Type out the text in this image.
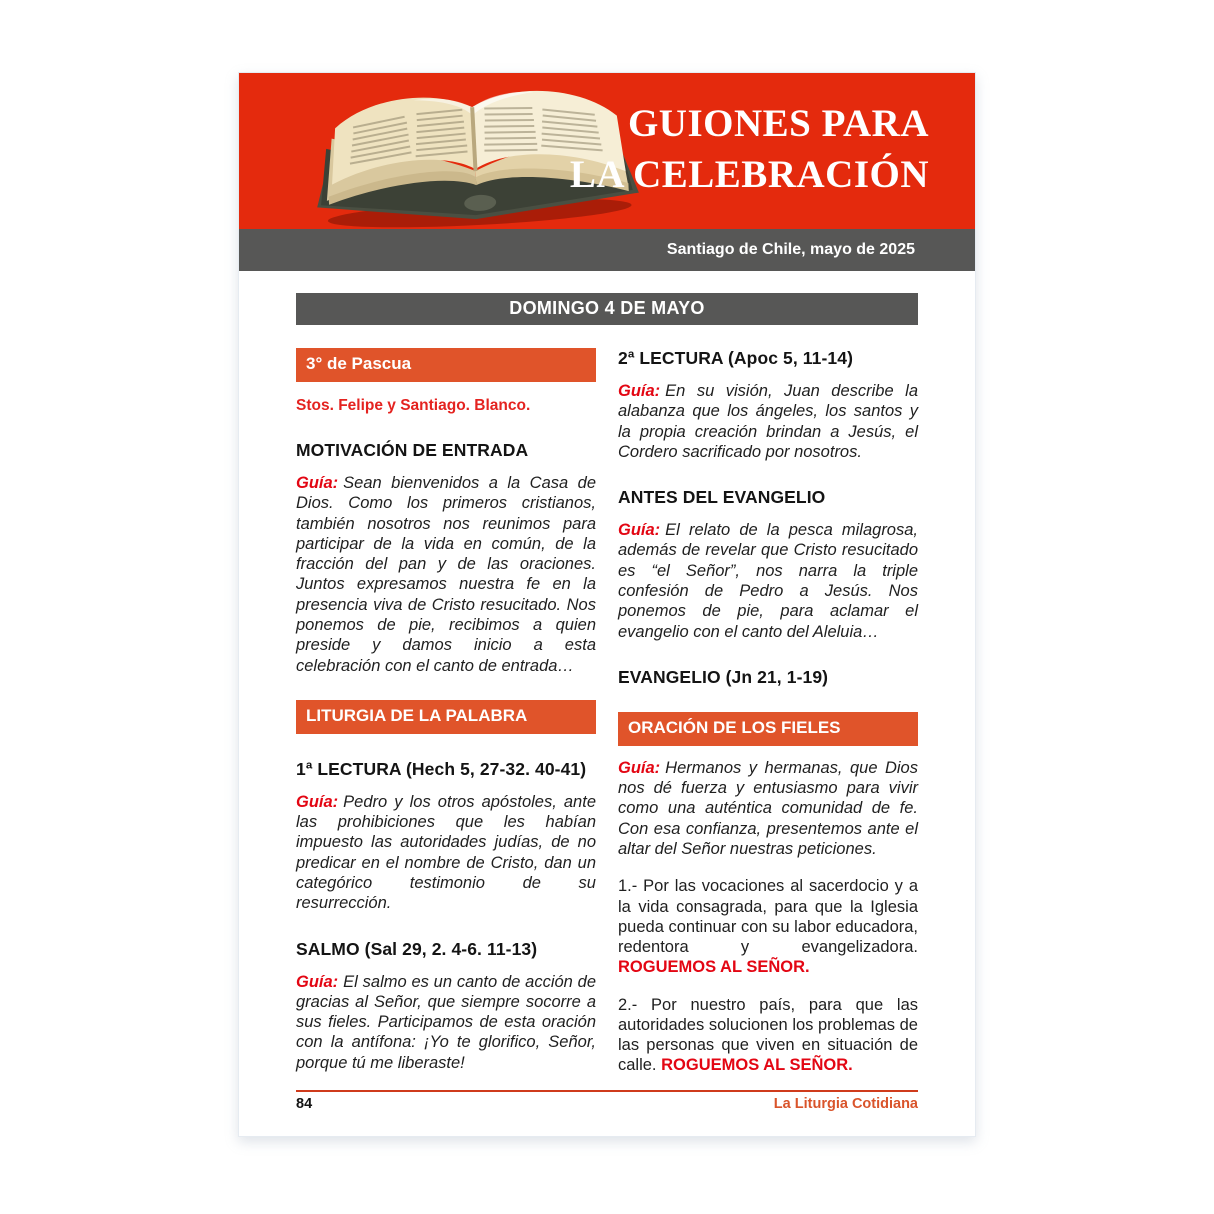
GUIONES PARA
LA CELEBRACIÓN
Santiago de Chile, mayo de 2025
DOMINGO 4 DE MAYO
3° de Pascua
Stos. Felipe y Santiago. Blanco.
MOTIVACIÓN DE ENTRADA

Guía: Sean bienvenidos a la Casa de Dios. Como los primeros cristianos, también nosotros nos reunimos para participar de la vida en común, de la fracción del pan y de las oraciones. Juntos expresamos nuestra fe en la presencia viva de Cristo resucitado. Nos ponemos de pie, recibimos a quien preside y damos inicio a esta celebración con el canto de entrada…

LITURGIA DE LA PALABRA
1ª LECTURA (Hech 5, 27-32. 40-41)

Guía: Pedro y los otros apóstoles, ante las prohibiciones que les habían impuesto las autoridades judías, de no predicar en el nombre de Cristo, dan un categórico testimonio de su resurrección.

SALMO (Sal 29, 2. 4-6. 11-13)

Guía: El salmo es un canto de acción de gracias al Señor, que siempre socorre a sus fieles. Participamos de esta oración con la antífona: ¡Yo te glorifico, Señor, porque tú me liberaste!

2ª LECTURA (Apoc 5, 11-14)

Guía: En su visión, Juan describe la alabanza que los ángeles, los santos y la propia creación brindan a Jesús, el Cordero sacrificado por nosotros.

ANTES DEL EVANGELIO

Guía: El relato de la pesca milagrosa, además de revelar que Cristo resucitado es “el Señor”, nos narra la triple confesión de Pedro a Jesús. Nos ponemos de pie, para aclamar el evangelio con el canto del Aleluia…

EVANGELIO (Jn 21, 1-19)
ORACIÓN DE LOS FIELES

Guía: Hermanos y hermanas, que Dios nos dé fuerza y entusiasmo para vivir como una auténtica comunidad de fe. Con esa confianza, presentemos ante el altar del Señor nuestras peticiones.

1.- Por las vocaciones al sacerdocio y a la vida consagrada, para que la Iglesia pueda continuar con su labor educadora, redentora y evangelizadora. ROGUEMOS AL SEÑOR.

2.- Por nuestro país, para que las autoridades solucionen los problemas de las personas que viven en situación de calle. ROGUEMOS AL SEÑOR.

84	La Liturgia Cotidiana
